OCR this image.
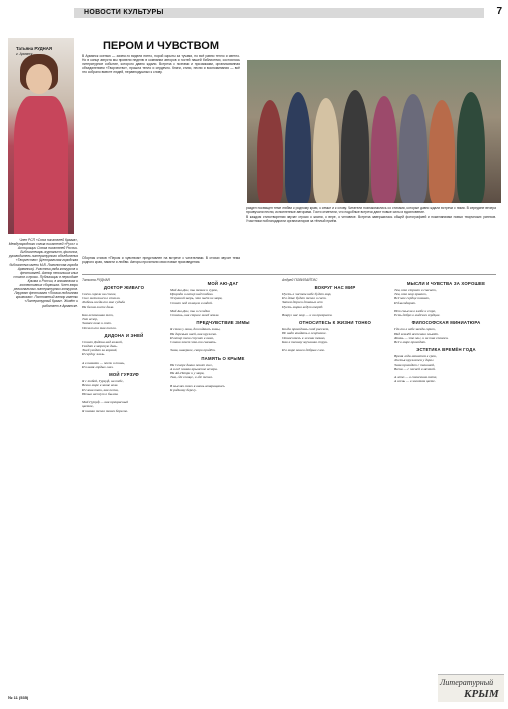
НОВОСТИ КУЛЬТУРЫ	7
Татьяна РУДНАЯ
г. Армянск
Член РСП «Союз писателей Крыма», Международного союза писателей «Русь» и Ассоциации Союза писателей России. Библиотекарь-журналист, филолог, руководитель литературного объединения «Творчество» (Центральная городская библиотека имени М.В. Ломоносова города Армянска). Участник ряда конкурсов и фестивалей. Автор нескольких книг стихов и прозы. Публикации в периодике Крыма и России, в альманахах и коллективных сборниках. Член жюри региональных литературных конкурсов. Лауреат фестиваля «Поэзия подлинная крымская». Постоянный автор газеты «Литературный Крым». Живёт и работает в Армянске.
ПЕРОМ И ЧУВСТВОМ

В Армянск осенью — зачем-то видели пятно, порой скрыты за тучами, но всё равно тепло и светло. Но в конце августа мы провели неделю в компании авторов и гостей нашей библиотеки, состоялось литературное событие, которого давно ждали. Встреча с поэтами и прозаиками, организованная объединением «Творчество», прошла тепло и сердечно. Книги, стихи, песни и воспоминания — всё это собрало вместе людей, неравнодушных к слову.

раздел посвящен теме любви к родному краю, к семье и к слову. Читатели познакомились со стихами, которые давно ждали встречи с ними. В середине вечера прозвучали песни, исполненные авторами. Гости отметили, что подобные встречи дают новые силы и вдохновение.

В каждом стихотворении звучат строки о жизни, о вере, о человеке. Встреча завершилась общей фотографией и пожеланиями новых творческих успехов. Участники поблагодарили организаторов за тёплый приём.

Сборник стихов «Пером и чувством» представлен на встрече с читателями. В стихах звучит тема родного края, памяти и любви. Авторы прочитали свои новые произведения.

Татьяна РУДНАЯ
ДОКТОР ЖИВАГО
Свечи горели на столе,
Снег метелился в стекло.
Любовь когда-то мне судьба
На белом листе дала.

Как вспоминаю тот,
Тот вечер,
Зимнее окно и свет.
Отчего-то так тепло.
ДИДОНА И ЭНЕЙ
Стоит Дидона над волной,
Глядит в морскую даль.
Эней уходит за кормой,
И сердцу жаль.

А в памяти — песок и тишь,
И пламя гордых глаз.
МОЙ ГУРЗУФ
Я с тобой, Гурзуф, на тебе,
Вечно море в звоне волн.
И слова твои, как песня,
Ночью шепчут о былом.

Мой Гурзуф — как прекрасный
цветок,
Я помню тепло твоих берегов.
МОЙ АЮ-ДАГ
Мой Аю-Даг, ты темен и суров,
Природа и ветер над тобою.
Уснувший зверь, что пьёт из моря,
Стоит под солнцем и водой.

Мой Аю-Даг, ты и сегодня
Стоишь, как страж моей земли.
ПРЕДЧУВСТВИЕ ЗИМЫ
Я стою у окна, дожидаюсь зимы,
На деревьях иней, как кружево.
И ветер тихо стучит в окно,
Словно хочет что-то сказать.

Зима, наверное, скоро придёт.
ПАМЯТЬ О КРЫМЕ
На Севере давно пошёл снег,
А я всё помню крымские вечера.
На Ай-Петри и у моря,
Там, где солнце, и где тепло.

В мыслях своих я вновь возвращаюсь
К родному берегу.
Андрей ПОВИЛАЙТИС
ВОКРУГ НАС МИР
Пусть в чистом небе будет мир,
И в доме будет тепло и свет.
Затем дороги длинных лет
Пусть мирно ведут вперёд.

Вокруг нас мир — и он прекрасен.
ОТНОСИТЕСЬ К ЖИЗНИ ТОНКО
Когда проходишь свой рассвет,
Не надо впадать в огорчение.
Относитесь к жизни тонко,
Как к тихому звучанию струн.

И в мире много добрых слов.
МЫСЛИ И ЧУВСТВА ЗА ХОРОШЕЕ
Тем, кто строит и спасает,
Тем, кто мир хранит,
Всё мое сердце помнит,
И благодарит.

Нет смысла в злобе и ссоре,
Есть добро в людских сердцах.
ФИЛОСОФСКАЯ МИНИАТЮРА
Где-то в небе звезда горит,
Над землёй неспешно плывёт.
Жизнь — это миг, и он так спокоен.
Всё в мире проходит.
ЭСТЕТИКА ВРЕМЁН ГОДА
Время года меняется в срок,
Листья кружатся у дорог.
Зима приходит с тишиной,
Весна — с песней и мечтой.

А лето — в солнечном свете,
А осень — в золотом цвете.
№ 11 (535)
Литературный
КРЫМ
